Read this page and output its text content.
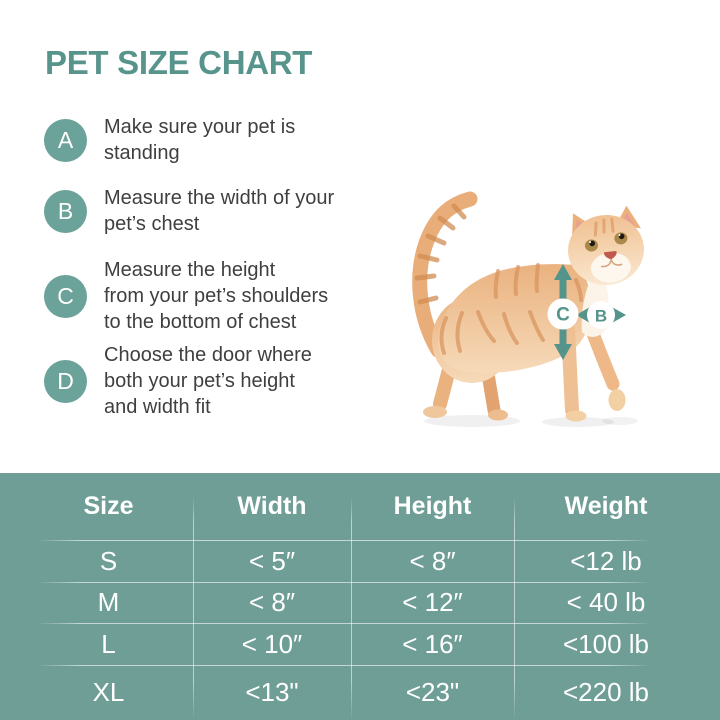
PET SIZE CHART
A	Make sure your pet is
standing
B	Measure the width of your
pet’s chest
C
Measure the height
from your pet’s shoulders
to the bottom of chest
D
Choose the door where
both your pet’s height
and width fit
C B
Size	Width	Height	Weight
S	< 5″	< 8″	<12 lb
M	< 8″	< 12″	< 40 lb
L	< 10″	< 16″	<100 lb
XL	<13"	<23"	<220 lb
